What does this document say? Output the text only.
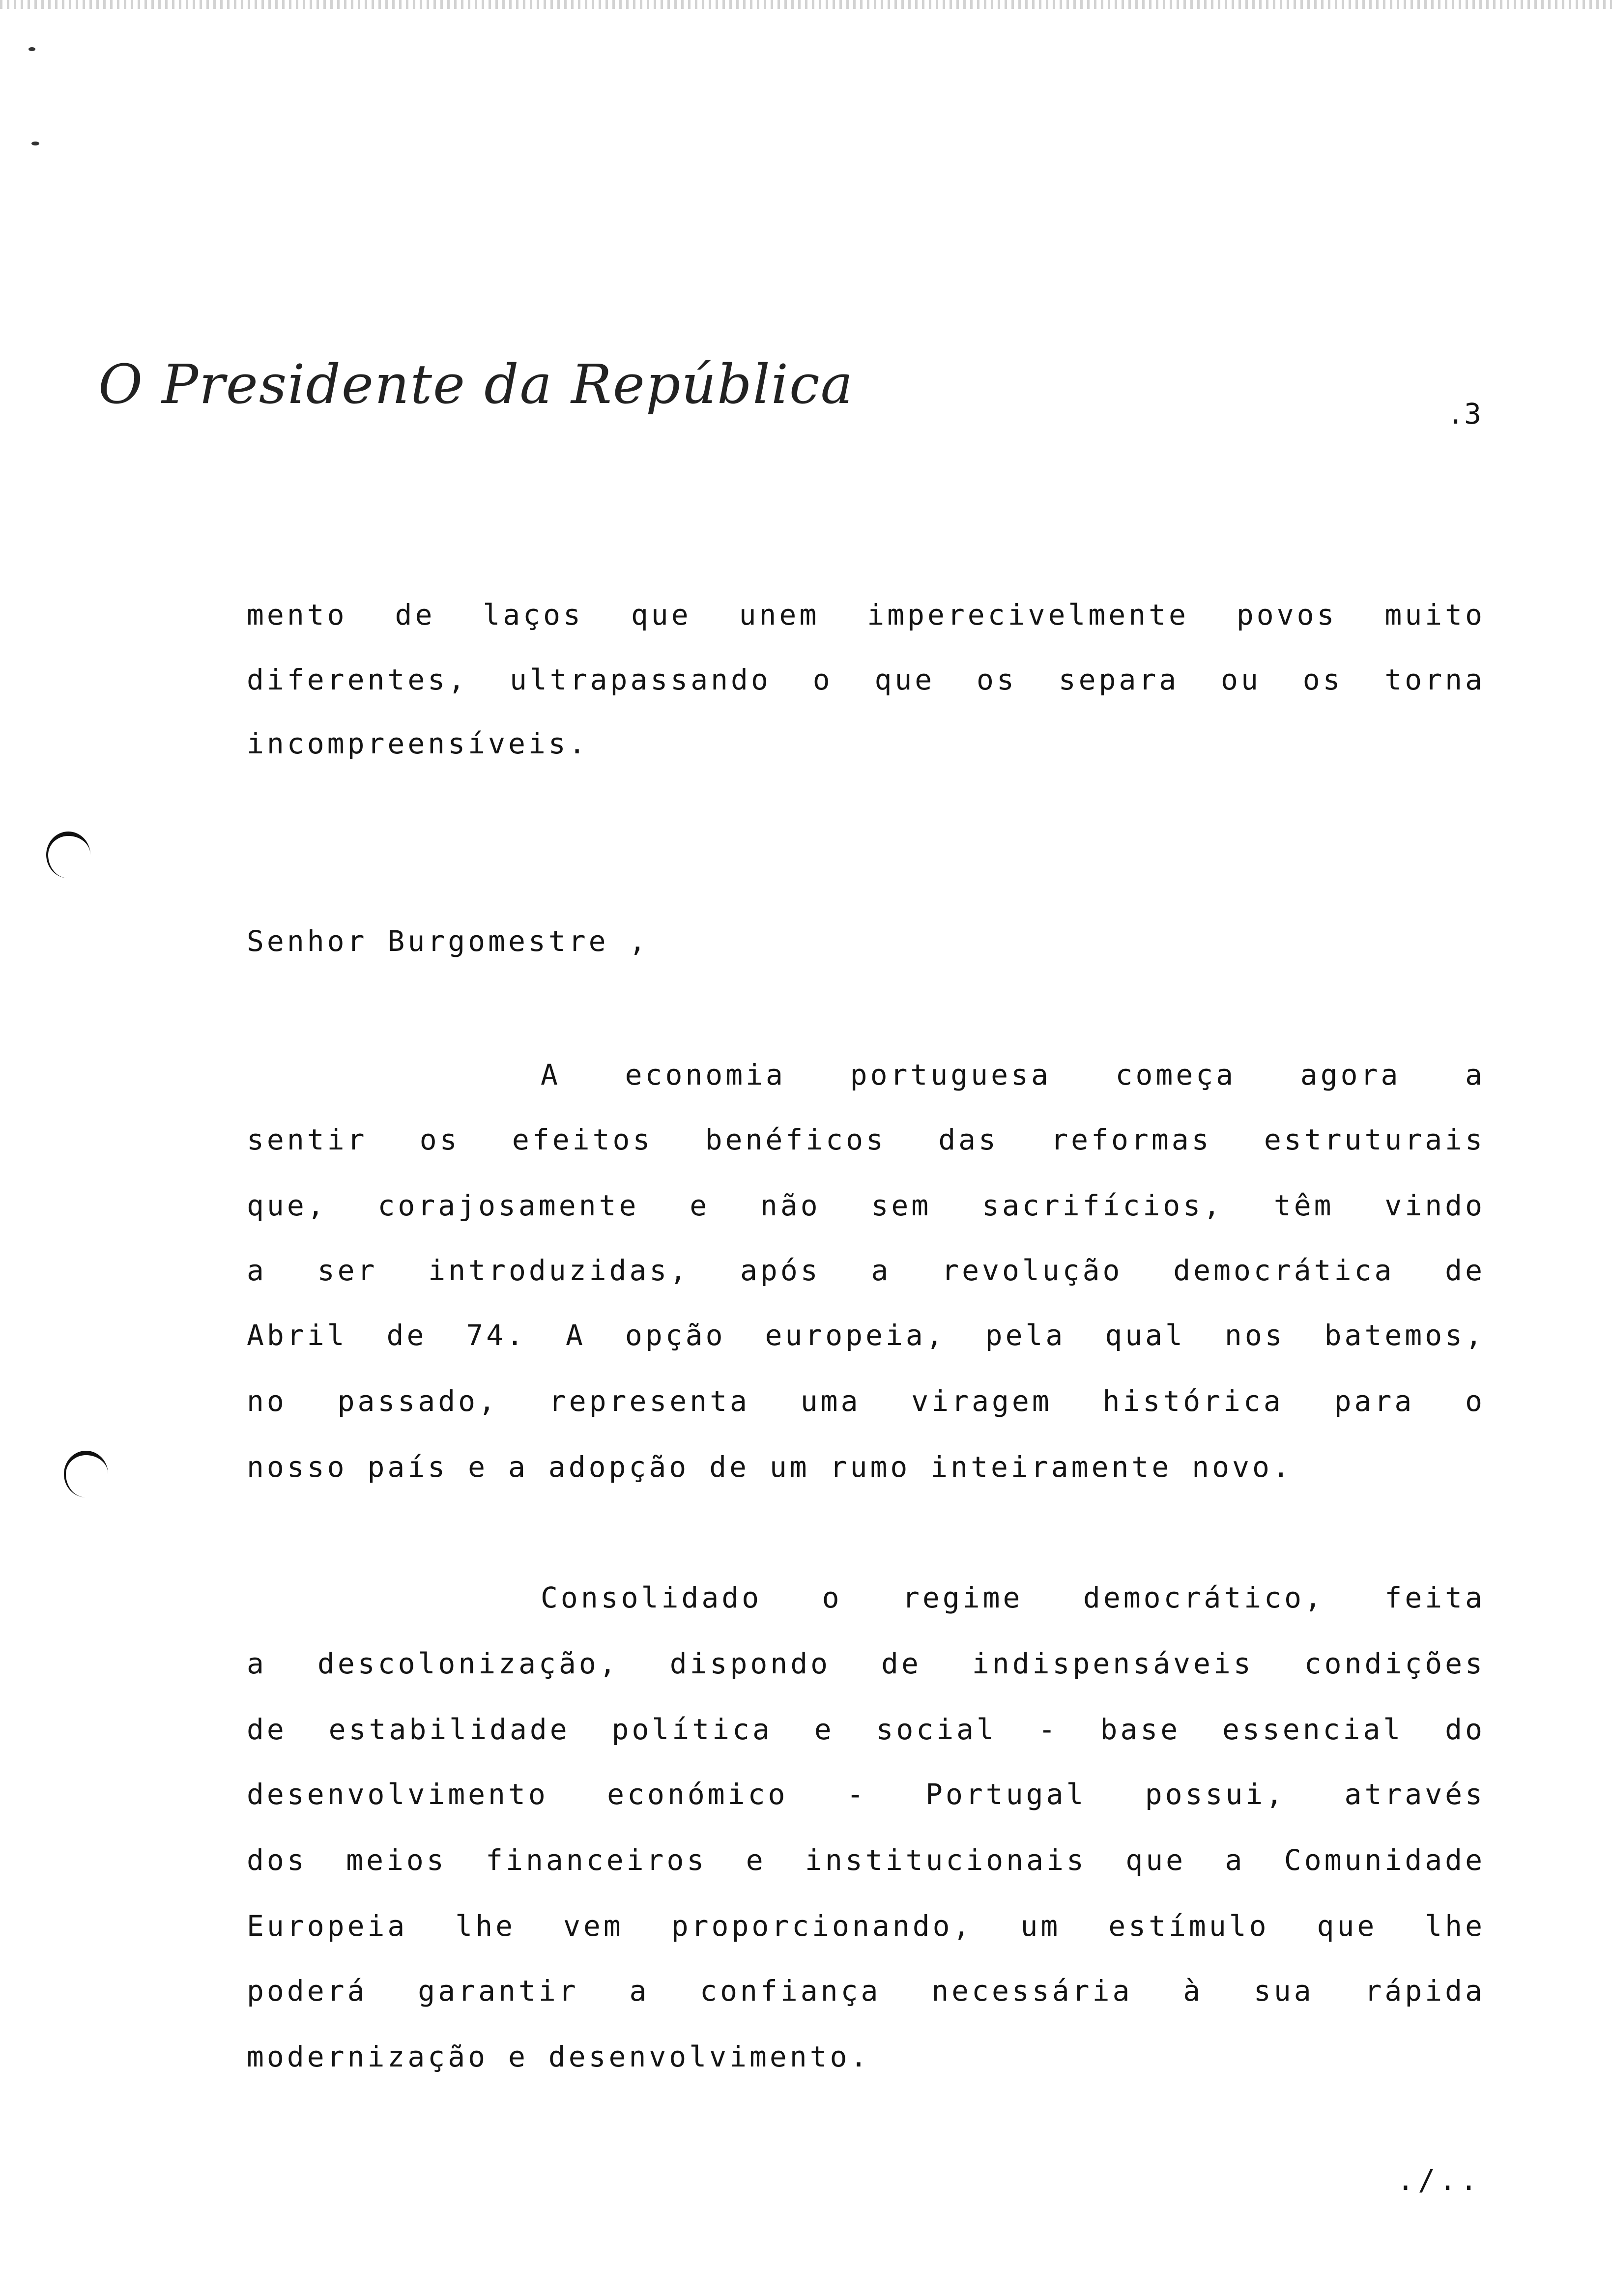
O Presidente da República	.3
mento de laços que unem imperecivelmente povos muito
diferentes, ultrapassando o que os separa ou os torna
incompreensíveis.
Senhor Burgomestre ,
A economia portuguesa começa agora a
sentir os efeitos benéficos das reformas estruturais
que, corajosamente e não sem sacrifícios, têm vindo
a ser introduzidas, após a revolução democrática de
Abril de 74. A opção europeia, pela qual nos batemos,
no passado, representa uma viragem histórica para o
nosso país e a adopção de um rumo inteiramente novo.
Consolidado o regime democrático, feita
a descolonização, dispondo de indispensáveis condições
de estabilidade política e social - base essencial do
desenvolvimento económico - Portugal possui, através
dos meios financeiros e institucionais que a Comunidade
Europeia lhe vem proporcionando, um estímulo que lhe
poderá garantir a confiança necessária à sua rápida
modernização e desenvolvimento.
./..
